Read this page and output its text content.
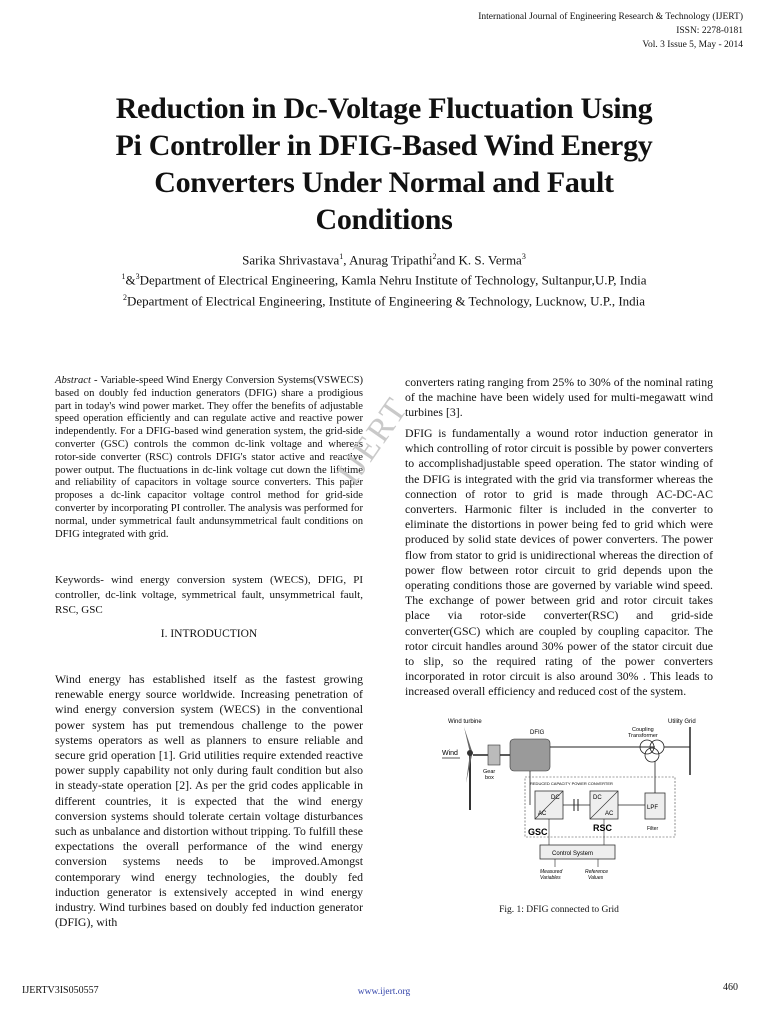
International Journal of Engineering Research & Technology (IJERT)
ISSN: 2278-0181
Vol. 3 Issue 5, May - 2014
Reduction in Dc-Voltage Fluctuation Using
Pi Controller in DFIG-Based Wind Energy
Converters Under Normal and Fault
Conditions
Sarika Shrivastava$^1$, Anurag Tripathi$^2$and K. S. Verma$^3$
$^1$&$^3$Department of Electrical Engineering, Kamla Nehru Institute of Technology, Sultanpur,U.P, India
$^2$Department of Electrical Engineering, Institute of Engineering & Technology, Lucknow, U.P., India

Abstract - Variable-speed Wind Energy Conversion Systems(VSWECS) based on doubly fed induction generators (DFIG) share a prodigious part in today's wind power market. They offer the benefits of adjustable speed operation efficiently and can regulate active and reactive power independently. For a DFIG-based wind generation system, the grid-side converter (GSC) controls the common dc-link voltage and whereas rotor-side converter (RSC) controls DFIG's stator active and reactive power output. The fluctuations in dc-link voltage cut down the lifetime and reliability of capacitors in voltage source converters. This paper proposes a dc-link capacitor voltage control method for grid-side converter by incorporating PI controller. The analysis was performed for normal, under symmetrical fault andunsymmetrical fault conditions on DFIG integrated with grid.

Keywords- wind energy conversion system (WECS), DFIG, PI controller, dc-link voltage, symmetrical fault, unsymmetrical fault, RSC, GSC

I. INTRODUCTION

Wind energy has established itself as the fastest growing renewable energy source worldwide. Increasing penetration of wind energy conversion system (WECS) in the conventional power system has put tremendous challenge to the power systems operators as well as planners to ensure reliable and secure grid operation [1]. Grid utilities require extended reactive power supply capability not only during fault condition but also in steady-state operation [2]. As per the grid codes applicable in different countries, it is expected that the wind energy conversion systems should tolerate certain voltage disturbances such as unbalance and distortion without tripping. To fulfill these expectations the overall performance of the wind energy conversion systems needs to be improved.Amongst contemporary wind energy technologies, the doubly fed induction generator is extensively accepted in wind energy industry. Wind turbines based on doubly fed induction generator (DFIG), with

converters rating ranging from 25% to 30% of the nominal rating of the machine have been widely used for multi-megawatt wind turbines [3].

DFIG is fundamentally a wound rotor induction generator in which controlling of rotor circuit is possible by power converters to accomplishadjustable speed operation. The stator winding of the DFIG is integrated with the grid via transformer whereas the connection of rotor to grid is made through AC-DC-AC converters. Harmonic filter is included in the converter to eliminate the distortions in power being fed to grid which were produced by solid state devices of power converters. The power flow from stator to grid is unidirectional whereas the direction of power flow between rotor circuit to grid depends upon the operating conditions those are governed by variable wind speed. The exchange of power between grid and rotor circuit takes place via rotor-side converter(RSC) and grid-side converter(GSC) which are coupled by coupling capacitor. The rotor circuit handles around 30% power of the stator circuit due to slip, so the required rating of the power converters incorporated in rotor circuit is also around 30% . This leads to increased overall efficiency and reduced cost of the system.

IJERT
Wind turbine	Utility Grid
Wind
Gear
box
DFIG	Coupling
Transformer
REDUCED CAPACITY POWER CONVERTER
DC
AC
DC
AC
LPF
Filter
GSC	RSC
Control System
Measured
Variables
Reference
Values
Fig. 1: DFIG connected to Grid
IJERTV3IS050557	www.ijert.org	460
